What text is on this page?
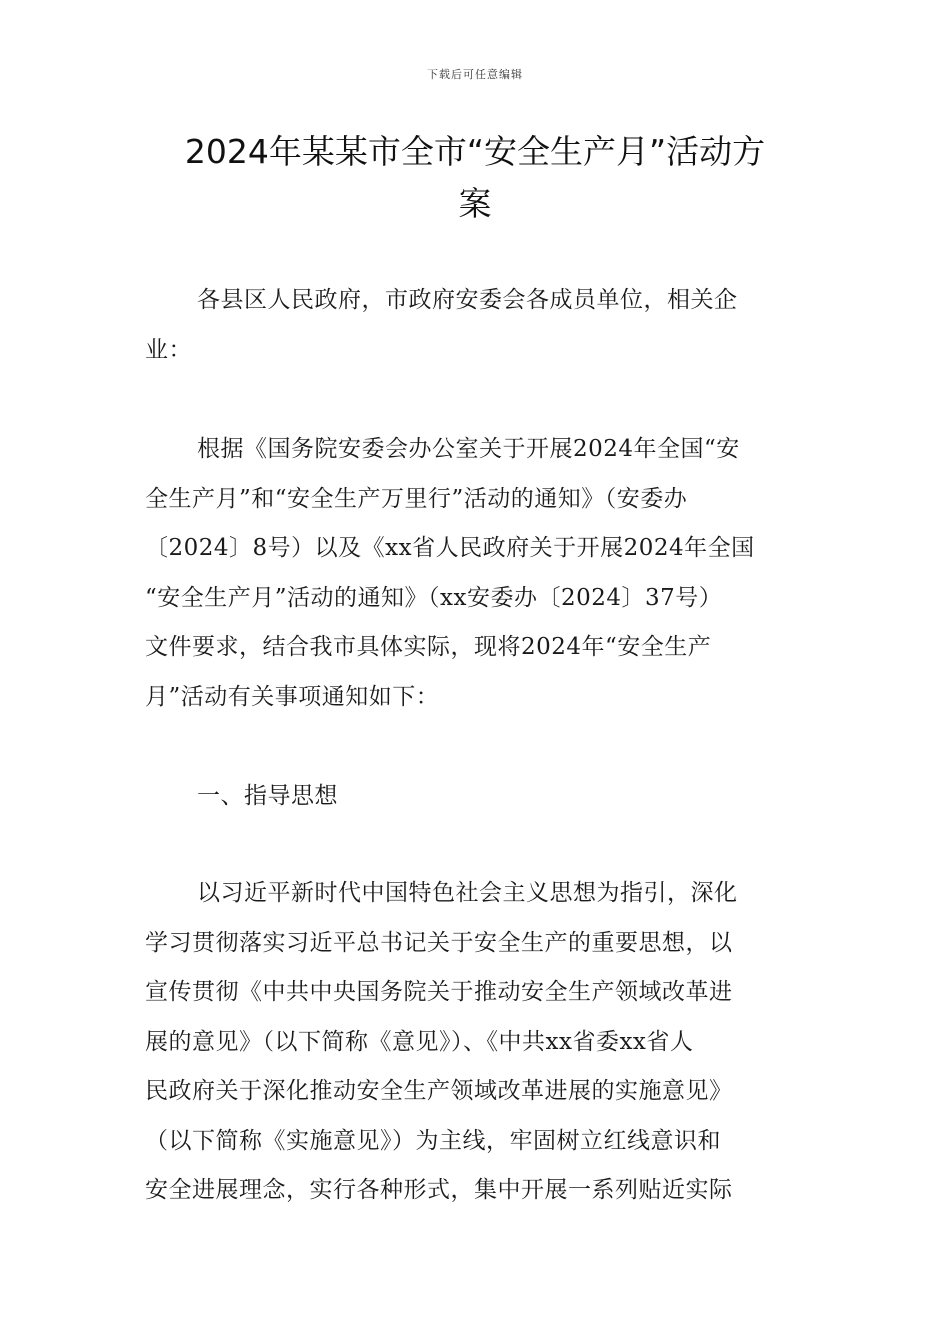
下载后可任意编辑
2024年某某市全市“安全生产月”活动方
案
各县区人民政府，市政府安委会各成员单位，相关企
业：
根据《国务院安委会办公室关于开展2024年全国“安
全生产月”和“安全生产万里行”活动的通知》（安委办
〔2024〕8号）以及《xx省人民政府关于开展2024年全国
“安全生产月”活动的通知》（xx安委办〔2024〕37号）
文件要求，结合我市具体实际，现将2024年“安全生产
月”活动有关事项通知如下：
一、指导思想
以习近平新时代中国特色社会主义思想为指引，深化
学习贯彻落实习近平总书记关于安全生产的重要思想，以
宣传贯彻《中共中央国务院关于推动安全生产领域改革进
展的意见》（以下简称《意见》）、《中共xx省委xx省人
民政府关于深化推动安全生产领域改革进展的实施意见》
（以下简称《实施意见》）为主线，牢固树立红线意识和
安全进展理念，实行各种形式，集中开展一系列贴近实际
